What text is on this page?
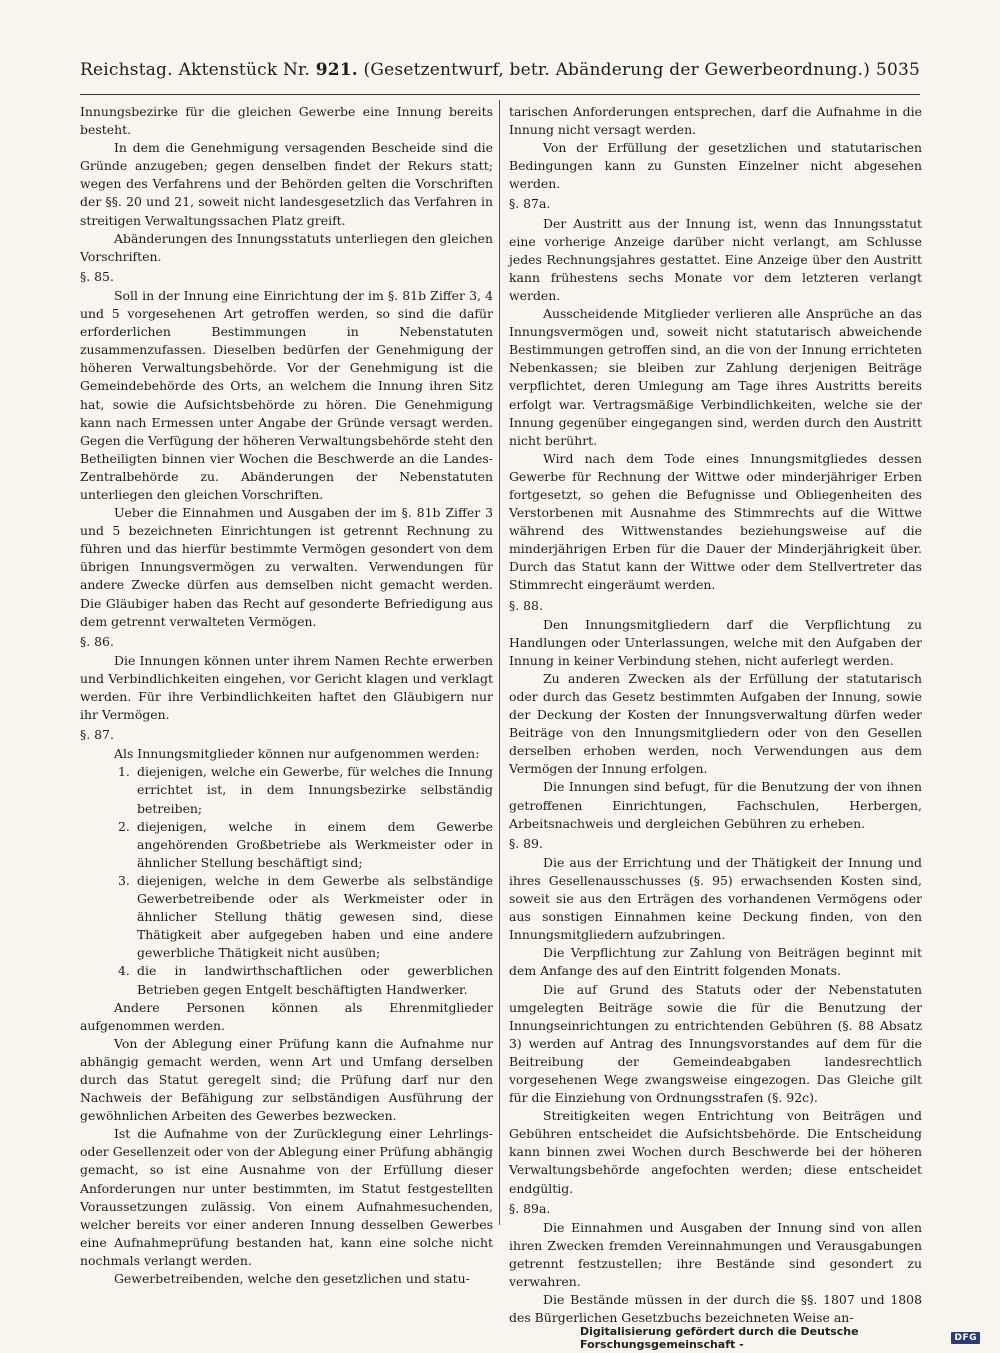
Reichstag. Aktenstück Nr. 921. (Gesetzentwurf, betr. Abänderung der Gewerbeordnung.) 5035

Innungsbezirke für die gleichen Gewerbe eine Innung bereits besteht.

In dem die Genehmigung versagenden Bescheide sind die Gründe anzugeben; gegen denselben findet der Rekurs statt; wegen des Verfahrens und der Behörden gelten die Vorschriften der §§. 20 und 21, soweit nicht landesgesetzlich das Verfahren in streitigen Verwaltungssachen Platz greift.

Abänderungen des Innungsstatuts unterliegen den gleichen Vorschriften.

§. 85.

Soll in der Innung eine Einrichtung der im §. 81b Ziffer 3, 4 und 5 vorgesehenen Art getroffen werden, so sind die dafür erforderlichen Bestimmungen in Nebenstatuten zusammenzufassen. Dieselben bedürfen der Genehmigung der höheren Verwaltungsbehörde. Vor der Genehmigung ist die Gemeindebehörde des Orts, an welchem die Innung ihren Sitz hat, sowie die Aufsichtsbehörde zu hören. Die Genehmigung kann nach Ermessen unter Angabe der Gründe versagt werden. Gegen die Verfügung der höheren Verwaltungsbehörde steht den Betheiligten binnen vier Wochen die Beschwerde an die Landes-Zentralbehörde zu. Abänderungen der Nebenstatuten unterliegen den gleichen Vorschriften.

Ueber die Einnahmen und Ausgaben der im §. 81b Ziffer 3 und 5 bezeichneten Einrichtungen ist getrennt Rechnung zu führen und das hierfür bestimmte Vermögen gesondert von dem übrigen Innungsvermögen zu verwalten. Verwendungen für andere Zwecke dürfen aus demselben nicht gemacht werden. Die Gläubiger haben das Recht auf gesonderte Befriedigung aus dem getrennt verwalteten Vermögen.

§. 86.

Die Innungen können unter ihrem Namen Rechte erwerben und Verbindlichkeiten eingehen, vor Gericht klagen und verklagt werden. Für ihre Verbindlichkeiten haftet den Gläubigern nur ihr Vermögen.

§. 87.

Als Innungsmitglieder können nur aufgenommen werden:

1. diejenigen, welche ein Gewerbe, für welches die Innung errichtet ist, in dem Innungsbezirke selbständig betreiben;
2. diejenigen, welche in einem dem Gewerbe angehörenden Großbetriebe als Werkmeister oder in ähnlicher Stellung beschäftigt sind;
3. diejenigen, welche in dem Gewerbe als selbständige Gewerbetreibende oder als Werkmeister oder in ähnlicher Stellung thätig gewesen sind, diese Thätigkeit aber aufgegeben haben und eine andere gewerbliche Thätigkeit nicht ausüben;
4. die in landwirthschaftlichen oder gewerblichen Betrieben gegen Entgelt beschäftigten Handwerker.

Andere Personen können als Ehrenmitglieder aufgenommen werden.

Von der Ablegung einer Prüfung kann die Aufnahme nur abhängig gemacht werden, wenn Art und Umfang derselben durch das Statut geregelt sind; die Prüfung darf nur den Nachweis der Befähigung zur selbständigen Ausführung der gewöhnlichen Arbeiten des Gewerbes bezwecken.

Ist die Aufnahme von der Zurücklegung einer Lehrlings- oder Gesellenzeit oder von der Ablegung einer Prüfung abhängig gemacht, so ist eine Ausnahme von der Erfüllung dieser Anforderungen nur unter bestimmten, im Statut festgestellten Voraussetzungen zulässig. Von einem Aufnahmesuchenden, welcher bereits vor einer anderen Innung desselben Gewerbes eine Aufnahmeprüfung bestanden hat, kann eine solche nicht nochmals verlangt werden.

Gewerbetreibenden, welche den gesetzlichen und statu-

tarischen Anforderungen entsprechen, darf die Aufnahme in die Innung nicht versagt werden.

Von der Erfüllung der gesetzlichen und statutarischen Bedingungen kann zu Gunsten Einzelner nicht abgesehen werden.

§. 87a.

Der Austritt aus der Innung ist, wenn das Innungsstatut eine vorherige Anzeige darüber nicht verlangt, am Schlusse jedes Rechnungsjahres gestattet. Eine Anzeige über den Austritt kann frühestens sechs Monate vor dem letzteren verlangt werden.

Ausscheidende Mitglieder verlieren alle Ansprüche an das Innungsvermögen und, soweit nicht statutarisch abweichende Bestimmungen getroffen sind, an die von der Innung errichteten Nebenkassen; sie bleiben zur Zahlung derjenigen Beiträge verpflichtet, deren Umlegung am Tage ihres Austritts bereits erfolgt war. Vertragsmäßige Verbindlichkeiten, welche sie der Innung gegenüber eingegangen sind, werden durch den Austritt nicht berührt.

Wird nach dem Tode eines Innungsmitgliedes dessen Gewerbe für Rechnung der Wittwe oder minderjähriger Erben fortgesetzt, so gehen die Befugnisse und Obliegenheiten des Verstorbenen mit Ausnahme des Stimmrechts auf die Wittwe während des Wittwenstandes beziehungsweise auf die minderjährigen Erben für die Dauer der Minderjährigkeit über. Durch das Statut kann der Wittwe oder dem Stellvertreter das Stimmrecht eingeräumt werden.

§. 88.

Den Innungsmitgliedern darf die Verpflichtung zu Handlungen oder Unterlassungen, welche mit den Aufgaben der Innung in keiner Verbindung stehen, nicht auferlegt werden.

Zu anderen Zwecken als der Erfüllung der statutarisch oder durch das Gesetz bestimmten Aufgaben der Innung, sowie der Deckung der Kosten der Innungsverwaltung dürfen weder Beiträge von den Innungsmitgliedern oder von den Gesellen derselben erhoben werden, noch Verwendungen aus dem Vermögen der Innung erfolgen.

Die Innungen sind befugt, für die Benutzung der von ihnen getroffenen Einrichtungen, Fachschulen, Herbergen, Arbeitsnachweis und dergleichen Gebühren zu erheben.

§. 89.

Die aus der Errichtung und der Thätigkeit der Innung und ihres Gesellenausschusses (§. 95) erwachsenden Kosten sind, soweit sie aus den Erträgen des vorhandenen Vermögens oder aus sonstigen Einnahmen keine Deckung finden, von den Innungsmitgliedern aufzubringen.

Die Verpflichtung zur Zahlung von Beiträgen beginnt mit dem Anfange des auf den Eintritt folgenden Monats.

Die auf Grund des Statuts oder der Nebenstatuten umgelegten Beiträge sowie die für die Benutzung der Innungseinrichtungen zu entrichtenden Gebühren (§. 88 Absatz 3) werden auf Antrag des Innungsvorstandes auf dem für die Beitreibung der Gemeindeabgaben landesrechtlich vorgesehenen Wege zwangsweise eingezogen. Das Gleiche gilt für die Einziehung von Ordnungsstrafen (§. 92c).

Streitigkeiten wegen Entrichtung von Beiträgen und Gebühren entscheidet die Aufsichtsbehörde. Die Entscheidung kann binnen zwei Wochen durch Beschwerde bei der höheren Verwaltungsbehörde angefochten werden; diese entscheidet endgültig.

§. 89a.

Die Einnahmen und Ausgaben der Innung sind von allen ihren Zwecken fremden Vereinnahmungen und Verausgabungen getrennt festzustellen; ihre Bestände sind gesondert zu verwahren.

Die Bestände müssen in der durch die §§. 1807 und 1808 des Bürgerlichen Gesetzbuchs bezeichneten Weise an-

Digitalisierung gefördert durch die Deutsche Forschungsgemeinschaft -	DFG
